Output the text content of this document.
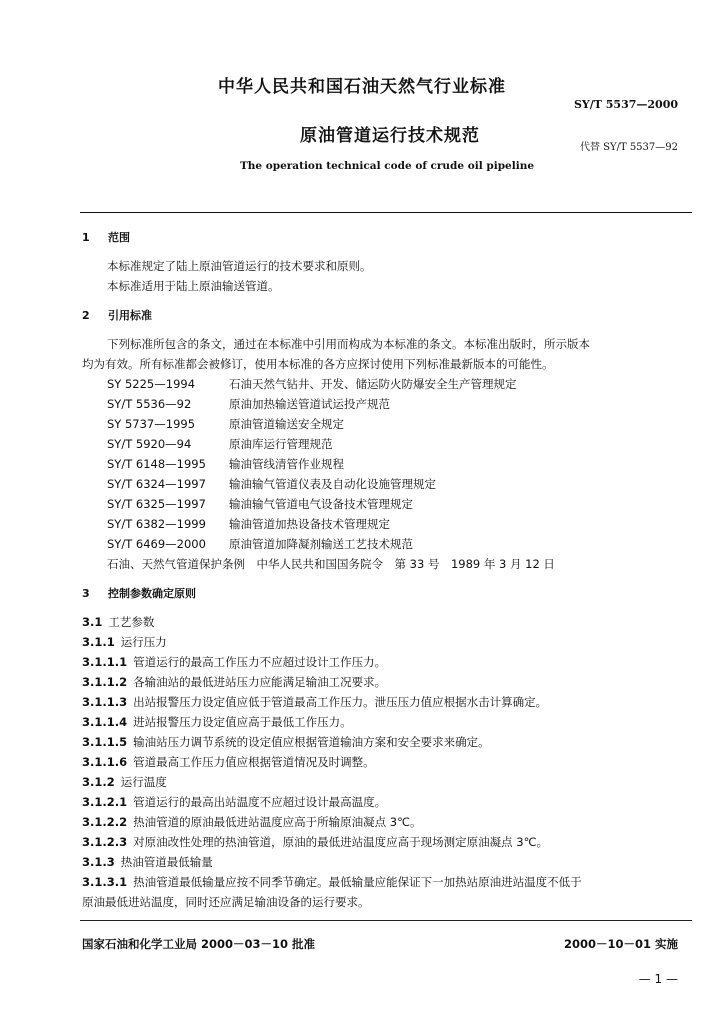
中华人民共和国石油天然气行业标准
SY/T 5537—2000
原油管道运行技术规范
代替 SY/T 5537—92
The operation technical code of crude oil pipeline
1 范围
本标准规定了陆上原油管道运行的技术要求和原则。
本标准适用于陆上原油输送管道。
2 引用标准
下列标准所包含的条文，通过在本标准中引用而构成为本标准的条文。本标准出版时，所示版本
均为有效。所有标准都会被修订，使用本标准的各方应探讨使用下列标准最新版本的可能性。
SY 5225—1994	石油天然气钻井、开发、储运防火防爆安全生产管理规定
SY/T 5536—92	原油加热输送管道试运投产规范
SY 5737—1995	原油管道输送安全规定
SY/T 5920—94	原油库运行管理规范
SY/T 6148—1995 输油管线清管作业规程
SY/T 6324—1997 输油输气管道仪表及自动化设施管理规定
SY/T 6325—1997 输油输气管道电气设备技术管理规定
SY/T 6382—1999 输油管道加热设备技术管理规定
SY/T 6469—2000 原油管道加降凝剂输送工艺技术规范
石油、天然气管道保护条例　中华人民共和国国务院令　第 33 号　1989 年 3 月 12 日
3 控制参数确定原则
3.1 工艺参数
3.1.1 运行压力
3.1.1.1 管道运行的最高工作压力不应超过设计工作压力。
3.1.1.2 各输油站的最低进站压力应能满足输油工况要求。
3.1.1.3 出站报警压力设定值应低于管道最高工作压力。泄压压力值应根据水击计算确定。
3.1.1.4 进站报警压力设定值应高于最低工作压力。
3.1.1.5 输油站压力调节系统的设定值应根据管道输油方案和安全要求来确定。
3.1.1.6 管道最高工作压力值应根据管道情况及时调整。
3.1.2 运行温度
3.1.2.1 管道运行的最高出站温度不应超过设计最高温度。
3.1.2.2 热油管道的原油最低进站温度应高于所输原油凝点 3℃。
3.1.2.3 对原油改性处理的热油管道，原油的最低进站温度应高于现场测定原油凝点 3℃。
3.1.3 热油管道最低输量
3.1.3.1 热油管道最低输量应按不同季节确定。最低输量应能保证下一加热站原油进站温度不低于
原油最低进站温度，同时还应满足输油设备的运行要求。
国家石油和化学工业局 2000－03－10 批准	2000－10－01 实施
— 1 —
